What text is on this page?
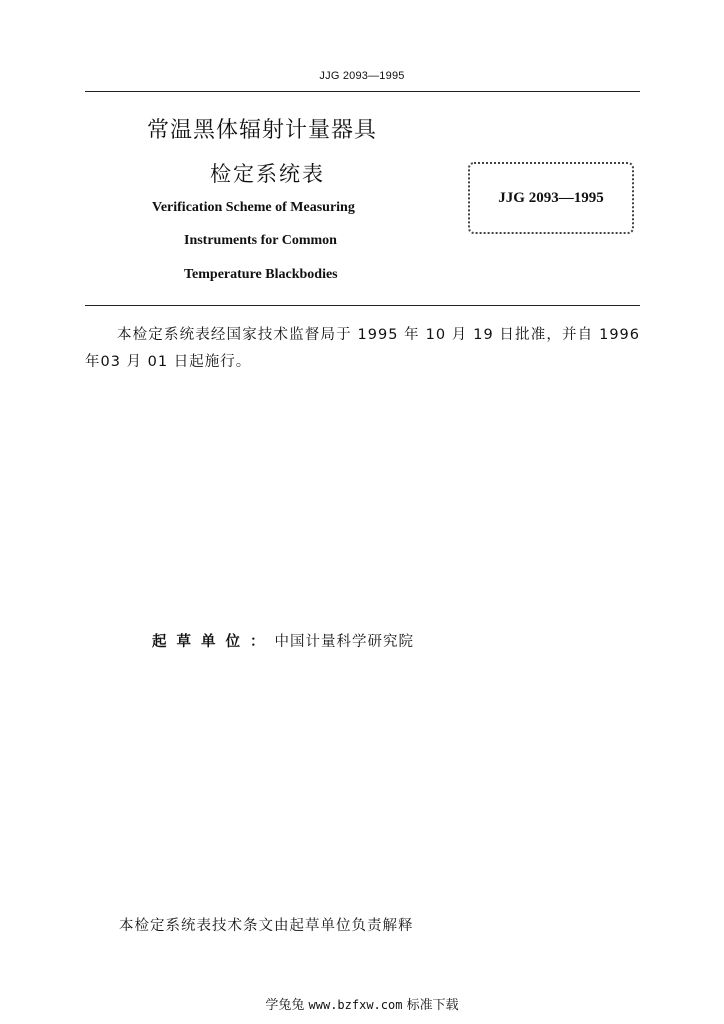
JJG 2093—1995
常温黑体辐射计量器具
检定系统表
Verification Scheme of Measuring
Instruments for Common
Temperature Blackbodies
JJG 2093—1995
本检定系统表经国家技术监督局于 1995 年 10 月 19 日批准，并自 1996 年03 月 01 日起施行。
起草单位：中国计量科学研究院
本检定系统表技术条文由起草单位负责解释
学兔兔 www.bzfxw.com 标准下载
